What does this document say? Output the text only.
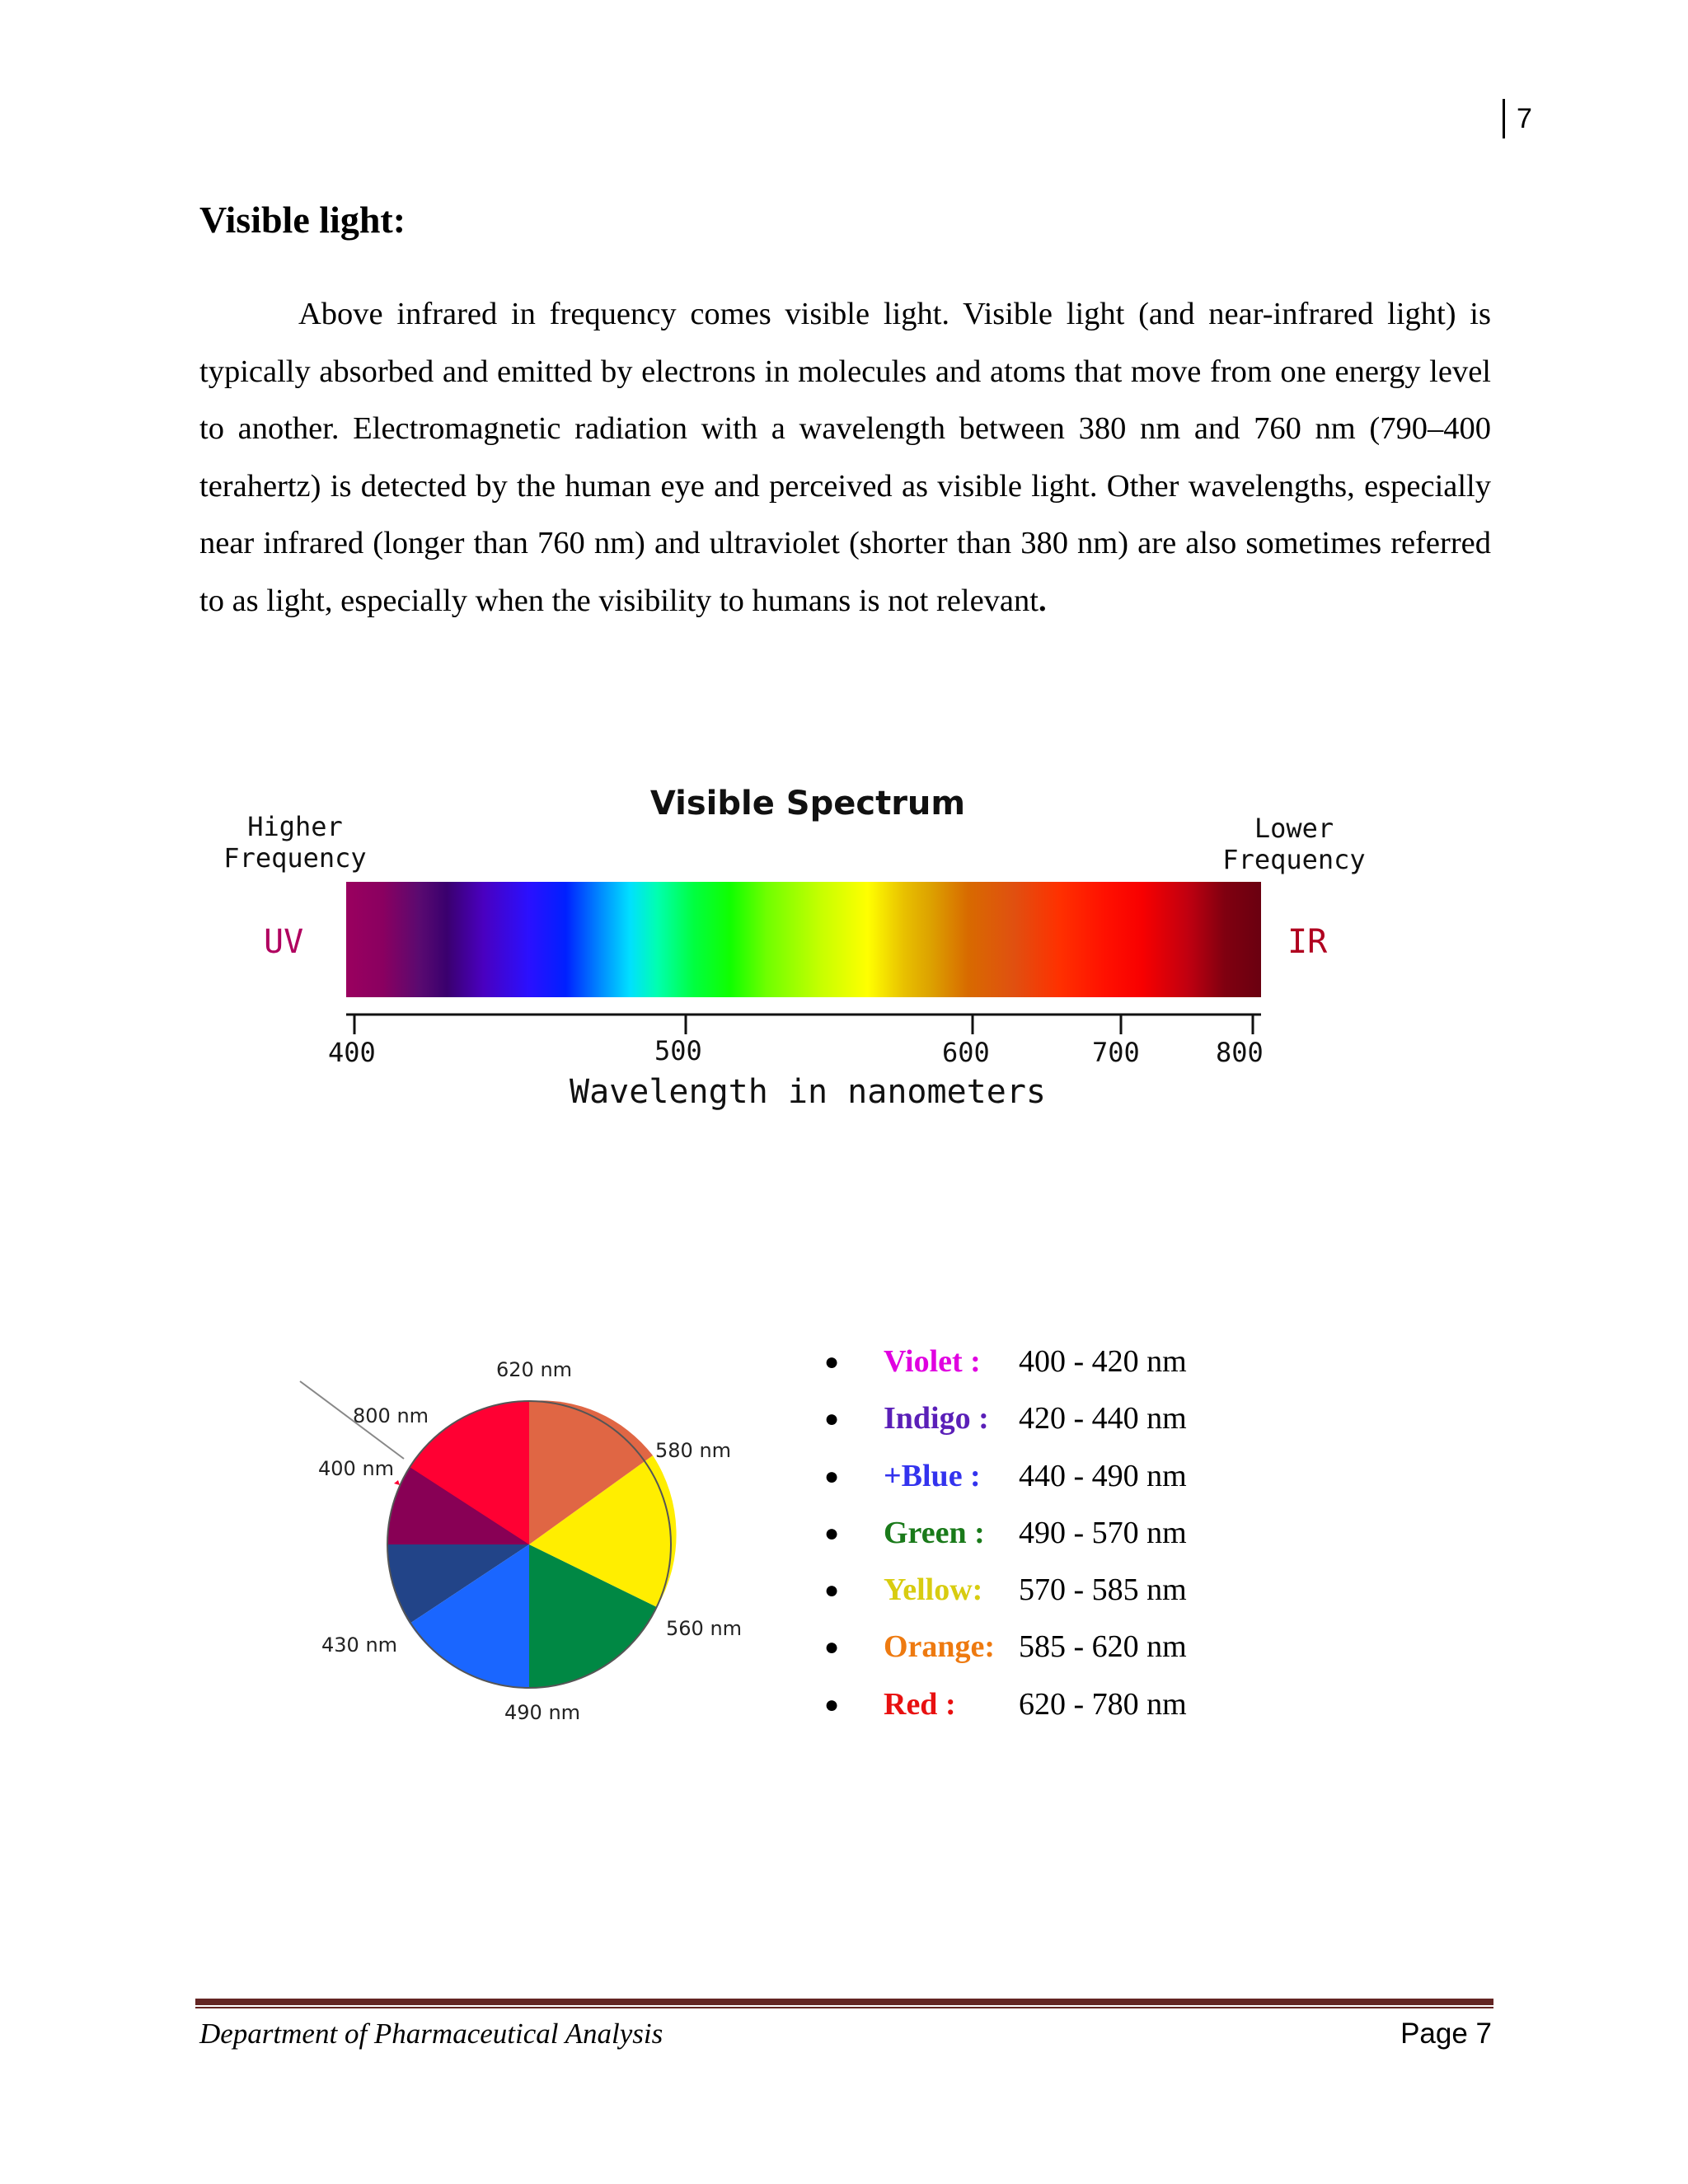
7
Visible light:
Above infrared in frequency comes visible light. Visible light (and near-infrared light) is typically absorbed and emitted by electrons in molecules and atoms that move from one energy level to another. Electromagnetic radiation with a wavelength between 380 nm and 760 nm (790–400 terahertz) is detected by the human eye and perceived as visible light. Other wavelengths, especially near infrared (longer than 760 nm) and ultraviolet (shorter than 380 nm) are also sometimes referred to as light, especially when the visibility to humans is not relevant.
Visible Spectrum
Higher
Frequency
Lower
Frequency
UV	IR
400	500	600	700	800
Wavelength in nanometers
620 nm
800 nm
400 nm
580 nm
430 nm
560 nm
490 nm
● Violet : 400 - 420 nm
● Indigo : 420 - 440 nm
● +Blue : 440 - 490 nm
● Green : 490 - 570 nm
● Yellow: 570 - 585 nm
● Orange: 585 - 620 nm
● Red : 620 - 780 nm
Department of Pharmaceutical Analysis	Page 7
